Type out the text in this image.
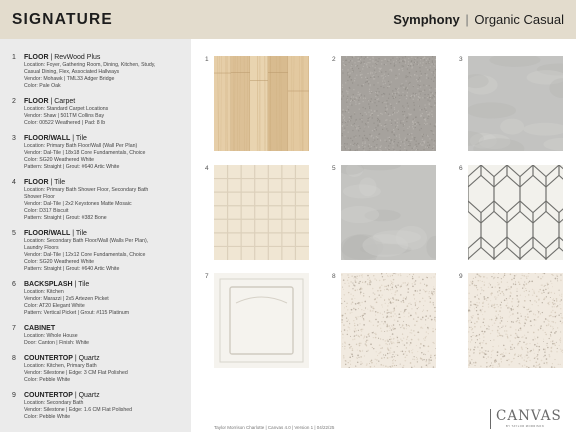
SIGNATURE	Symphony | Organic Casual
1	FLOOR | RevWood Plus
Location: Foyer, Gathering Room, Dining, Kitchen, Study,
Casual Dining, Flex, Associated Hallways
Vendor: Mohawk | TML33 Adger Bridge
Color: Pale Oak
2	FLOOR | Carpet
Location: Standard Carpet Locations
Vendor: Shaw | 501TM Collins Bay
Color: 00522 Weathered | Pad: 8 lb
3	FLOOR/WALL | Tile
Location: Primary Bath Floor/Wall (Wall Per Plan)
Vendor: Dal-Tile | 18x18 Core Fundamentals, Choice
Color: SG20 Weathered White
Pattern: Straight | Grout: #640 Artic White
4	FLOOR | Tile
Location: Primary Bath Shower Floor, Secondary Bath
Shower Floor
Vendor: Dal-Tile | 2x2 Keystones Matte Mosaic
Color: D317 Biscuit
Pattern: Straight | Grout: #382 Bone
5	FLOOR/WALL | Tile
Location: Secondary Bath Floor/Wall (Walls Per Plan),
Laundry Floors
Vendor: Dal-Tile | 12x12 Core Fundamentals, Choice
Color: SG20 Weathered White
Pattern: Straight | Grout: #640 Artic White
6	BACKSPLASH | Tile
Location: Kitchen
Vendor: Marazzi | 2x5 Artezen Picket
Color: AT20 Elegant White
Pattern: Vertical Picket | Grout: #115 Platinum
7	CABINET
Location: Whole House
Door: Canton | Finish: White
8	COUNTERTOP | Quartz
Location: Kitchen, Primary Bath
Vendor: Silestone | Edge: 3 CM Flat Polished
Color: Pebble White
9	COUNTERTOP | Quartz
Location: Secondary Bath
Vendor: Silestone | Edge: 1.6 CM Flat Polished
Color: Pebble White
1	2	3
4	5	6
7	8	9
Taylor Morrison Charlotte | Canvas 4.0 | Version 1 | 04/22/25
CANVAS
BY TAYLOR MORRISON
